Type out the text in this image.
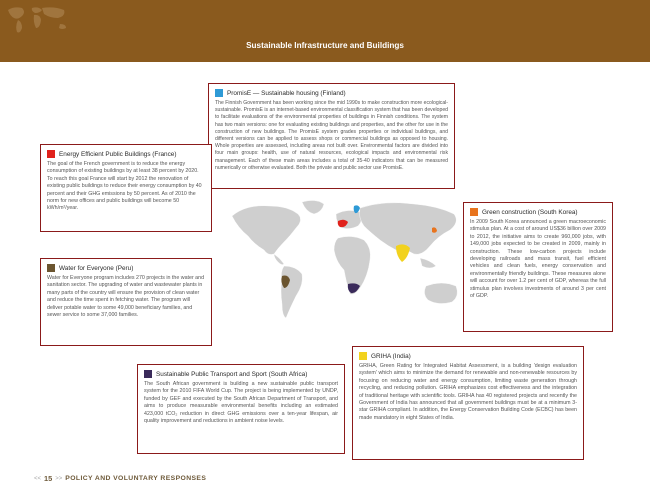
Sustainable Infrastructure and Buildings
PromisE — Sustainable housing (Finland)
The Finnish Government has been working since the mid 1990s to make construction more ecological-sustainable. PromisE is an internet-based environmental classification system that has been developed to facilitate evaluations of the environmental properties of buildings in Finnish conditions. The system has two main versions: one for evaluating existing buildings and properties, and the other for use in the construction of new buildings. The PromisE system grades properties or individual buildings, and different versions can be applied to assess shops or commercial buildings as opposed to housing. Whole properties are assessed, including areas not built over. Environmental factors are divided into four main groups: health, use of natural resources, ecological impacts and environmental risk management. Each of these main areas includes a total of 35-40 indicators that can be measured numerically or otherwise evaluated. Both the private and public sector use PromisE.
Energy Efficient Public Buildings (France)
The goal of the French government is to reduce the energy consumption of existing buildings by at least 38 percent by 2020. To reach this goal France will start by 2012 the renovation of existing public buildings to reduce their energy consumption by 40 percent and their GHG emissions by 50 percent. As of 2010 the norm for new offices and public buildings will become 50 kWh/m²/year.
Water for Everyone (Peru)
Water for Everyone program includes 270 projects in the water and sanitation sector. The upgrading of water and wastewater plants in many parts of the country will ensure the provision of clean water and reduce the time spent in fetching water. The program will deliver potable water to some 49,000 beneficiary families, and sewer service to some 37,000 families.
Green construction (South Korea)
In 2009 South Korea announced a green macroeconomic stimulus plan. At a cost of around US$36 billion over 2009 to 2012, the initiative aims to create 960,000 jobs, with 149,000 jobs expected to be created in 2009, mainly in construction. These low-carbon projects include developing railroads and mass transit, fuel efficient vehicles and clean fuels, energy conservation and environmentally friendly buildings. These measures alone will account for over 1.2 per cent of GDP, whereas the full stimulus plan involves investments of around 3 per cent of GDP.
Sustainable Public Transport and Sport (South Africa)
The South African government is building a new sustainable public transport system for the 2010 FIFA World Cup. The project is being implemented by UNDP, funded by GEF and executed by the South African Department of Transport, and aims to produce measurable environmental benefits including an estimated 423,000 tCO₂ reduction in direct GHG emissions over a ten-year lifespan, air quality improvement and reductions in ambient noise levels.
GRIHA (India)
GRIHA, Green Rating for Integrated Habitat Assessment, is a building 'design evaluation system' which aims to minimize the demand for renewable and non-renewable resources by focusing on reducing water and energy consumption, limiting waste generation through recycling, and reducing pollution. GRIHA emphasizes cost effectiveness and the integration of traditional heritage with scientific tools. GRIHA has 40 registered projects and recently the Government of India has announced that all government buildings must be at a minimum 3-star GRIHA compliant. In addition, the Energy Conservation Building Code (ECBC) has been made mandatory in eight States of India.
<< 15 >> POLICY AND VOLUNTARY RESPONSES
